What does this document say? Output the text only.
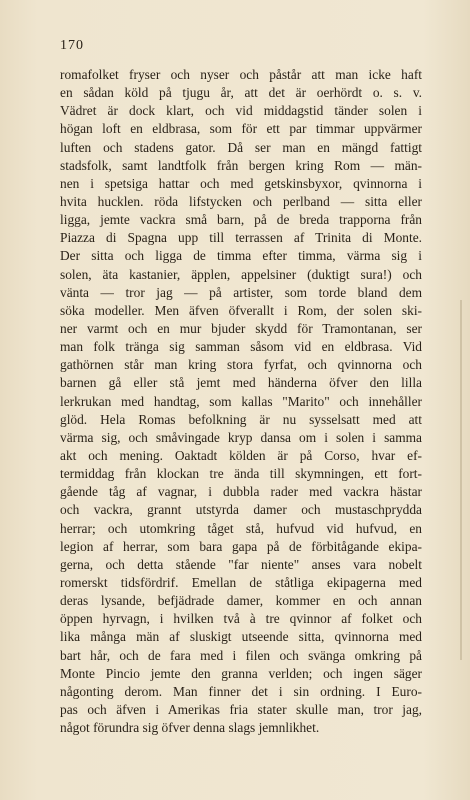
170
romafolket fryser och nyser och påstår att man icke haft
en sådan köld på tjugu år, att det är oerhördt o. s. v.
Vädret är dock klart, och vid middagstid tänder solen i
högan loft en eldbrasa, som för ett par timmar uppvärmer
luften och stadens gator. Då ser man en mängd fattigt
stadsfolk, samt landtfolk från bergen kring Rom — män-
nen i spetsiga hattar och med getskinsbyxor, qvinnorna i
hvita hucklen. röda lifstycken och perlband — sitta eller
ligga, jemte vackra små barn, på de breda trapporna från
Piazza di Spagna upp till terrassen af Trinita di Monte.
Der sitta och ligga de timma efter timma, värma sig i
solen, äta kastanier, äpplen, appelsiner (duktigt sura!) och
vänta — tror jag — på artister, som torde bland dem
söka modeller. Men äfven öfverallt i Rom, der solen ski-
ner varmt och en mur bjuder skydd för Tramontanan, ser
man folk tränga sig samman såsom vid en eldbrasa. Vid
gathörnen står man kring stora fyrfat, och qvinnorna och
barnen gå eller stå jemt med händerna öfver den lilla
lerkrukan med handtag, som kallas "Marito" och innehåller
glöd. Hela Romas befolkning är nu sysselsatt med att
värma sig, och småvingade kryp dansa om i solen i samma
akt och mening. Oaktadt kölden är på Corso, hvar ef-
termiddag från klockan tre ända till skymningen, ett fort-
gående tåg af vagnar, i dubbla rader med vackra hästar
och vackra, grannt utstyrda damer och mustaschprydda
herrar; och utomkring tåget stå, hufvud vid hufvud, en
legion af herrar, som bara gapa på de förbitågande ekipa-
gerna, och detta stående "far niente" anses vara nobelt
romerskt tidsfördrif. Emellan de ståtliga ekipagerna med
deras lysande, befjädrade damer, kommer en och annan
öppen hyrvagn, i hvilken två à tre qvinnor af folket och
lika många män af sluskigt utseende sitta, qvinnorna med
bart hår, och de fara med i filen och svänga omkring på
Monte Pincio jemte den granna verlden; och ingen säger
någonting derom. Man finner det i sin ordning. I Euro-
pas och äfven i Amerikas fria stater skulle man, tror jag,
något förundra sig öfver denna slags jemnlikhet.
